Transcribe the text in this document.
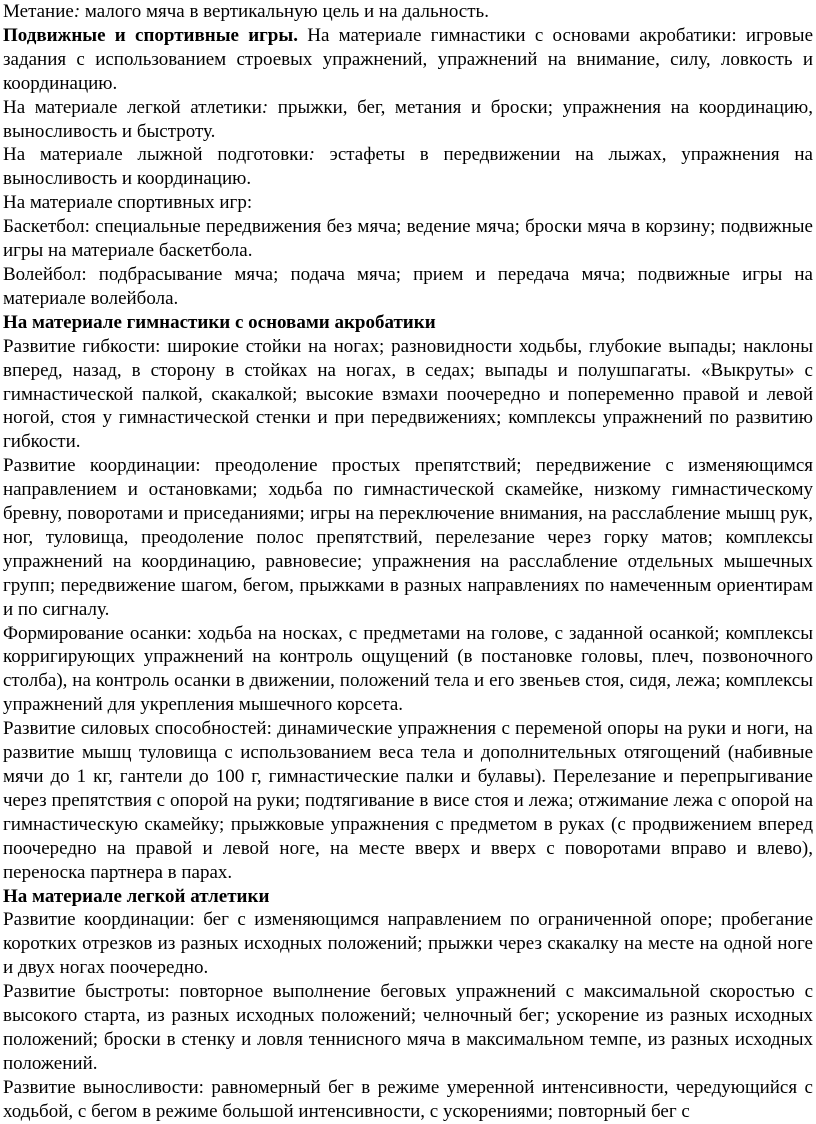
Метание: малого мяча в вертикальную цель и на дальность.

Подвижные и спортивные игры. На материале гимнастики с основами акробатики: игровые задания с использованием строевых упражнений, упражнений на внимание, силу, ловкость и координацию.

На материале легкой атлетики: прыжки, бег, метания и броски; упражнения на координацию, выносливость и быстроту.

На материале лыжной подготовки: эстафеты в передвижении на лыжах, упражнения на выносливость и координацию.

На материале спортивных игр:

Баскетбол: специальные передвижения без мяча; ведение мяча; броски мяча в корзину; подвижные игры на материале баскетбола.

Волейбол: подбрасывание мяча; подача мяча; прием и передача мяча; подвижные игры на материале волейбола.

На материале гимнастики с основами акробатики

Развитие гибкости: широкие стойки на ногах; разновидности ходьбы, глубокие выпады; наклоны вперед, назад, в сторону в стойках на ногах, в седах; выпады и полушпагаты. «Выкруты» с гимнастической палкой, скакалкой; высокие взмахи поочередно и попеременно правой и левой ногой, стоя у гимнастической стенки и при передвижениях; комплексы упражнений по развитию гибкости.

Развитие координации: преодоление простых препятствий; передвижение с изменяющимся направлением и остановками; ходьба по гимнастической скамейке, низкому гимнастическому бревну, поворотами и приседаниями; игры на переключение внимания, на расслабление мышц рук, ног, туловища, преодоление полос препятствий, перелезание через горку матов; комплексы упражнений на координацию, равновесие; упражнения на расслабление отдельных мышечных групп; передвижение шагом, бегом, прыжками в разных направлениях по намеченным ориентирам и по сигналу.

Формирование осанки: ходьба на носках, с предметами на голове, с заданной осанкой; комплексы корригирующих упражнений на контроль ощущений (в постановке головы, плеч, позвоночного столба), на контроль осанки в движении, положений тела и его звеньев стоя, сидя, лежа; комплексы упражнений для укрепления мышечного корсета.

Развитие силовых способностей: динамические упражнения с переменой опоры на руки и ноги, на развитие мышц туловища с использованием веса тела и дополнительных отягощений (набивные мячи до 1 кг, гантели до 100 г, гимнастические палки и булавы). Перелезание и перепрыгивание через препятствия с опорой на руки; подтягивание в висе стоя и лежа; отжимание лежа с опорой на гимнастическую скамейку; прыжковые упражнения с предметом в руках (с продвижением вперед поочередно на правой и левой ноге, на месте вверх и вверх с поворотами вправо и влево), переноска партнера в парах.

На материале легкой атлетики

Развитие координации: бег с изменяющимся направлением по ограниченной опоре; пробегание коротких отрезков из разных исходных положений; прыжки через скакалку на месте на одной ноге и двух ногах поочередно.

Развитие быстроты: повторное выполнение беговых упражнений с максимальной скоростью с высокого старта, из разных исходных положений; челночный бег; ускорение из разных исходных положений; броски в стенку и ловля теннисного мяча в максимальном темпе, из разных исходных положений.

Развитие выносливости: равномерный бег в режиме умеренной интенсивности, чередующийся с ходьбой, с бегом в режиме большой интенсивности, с ускорениями; повторный бег с
